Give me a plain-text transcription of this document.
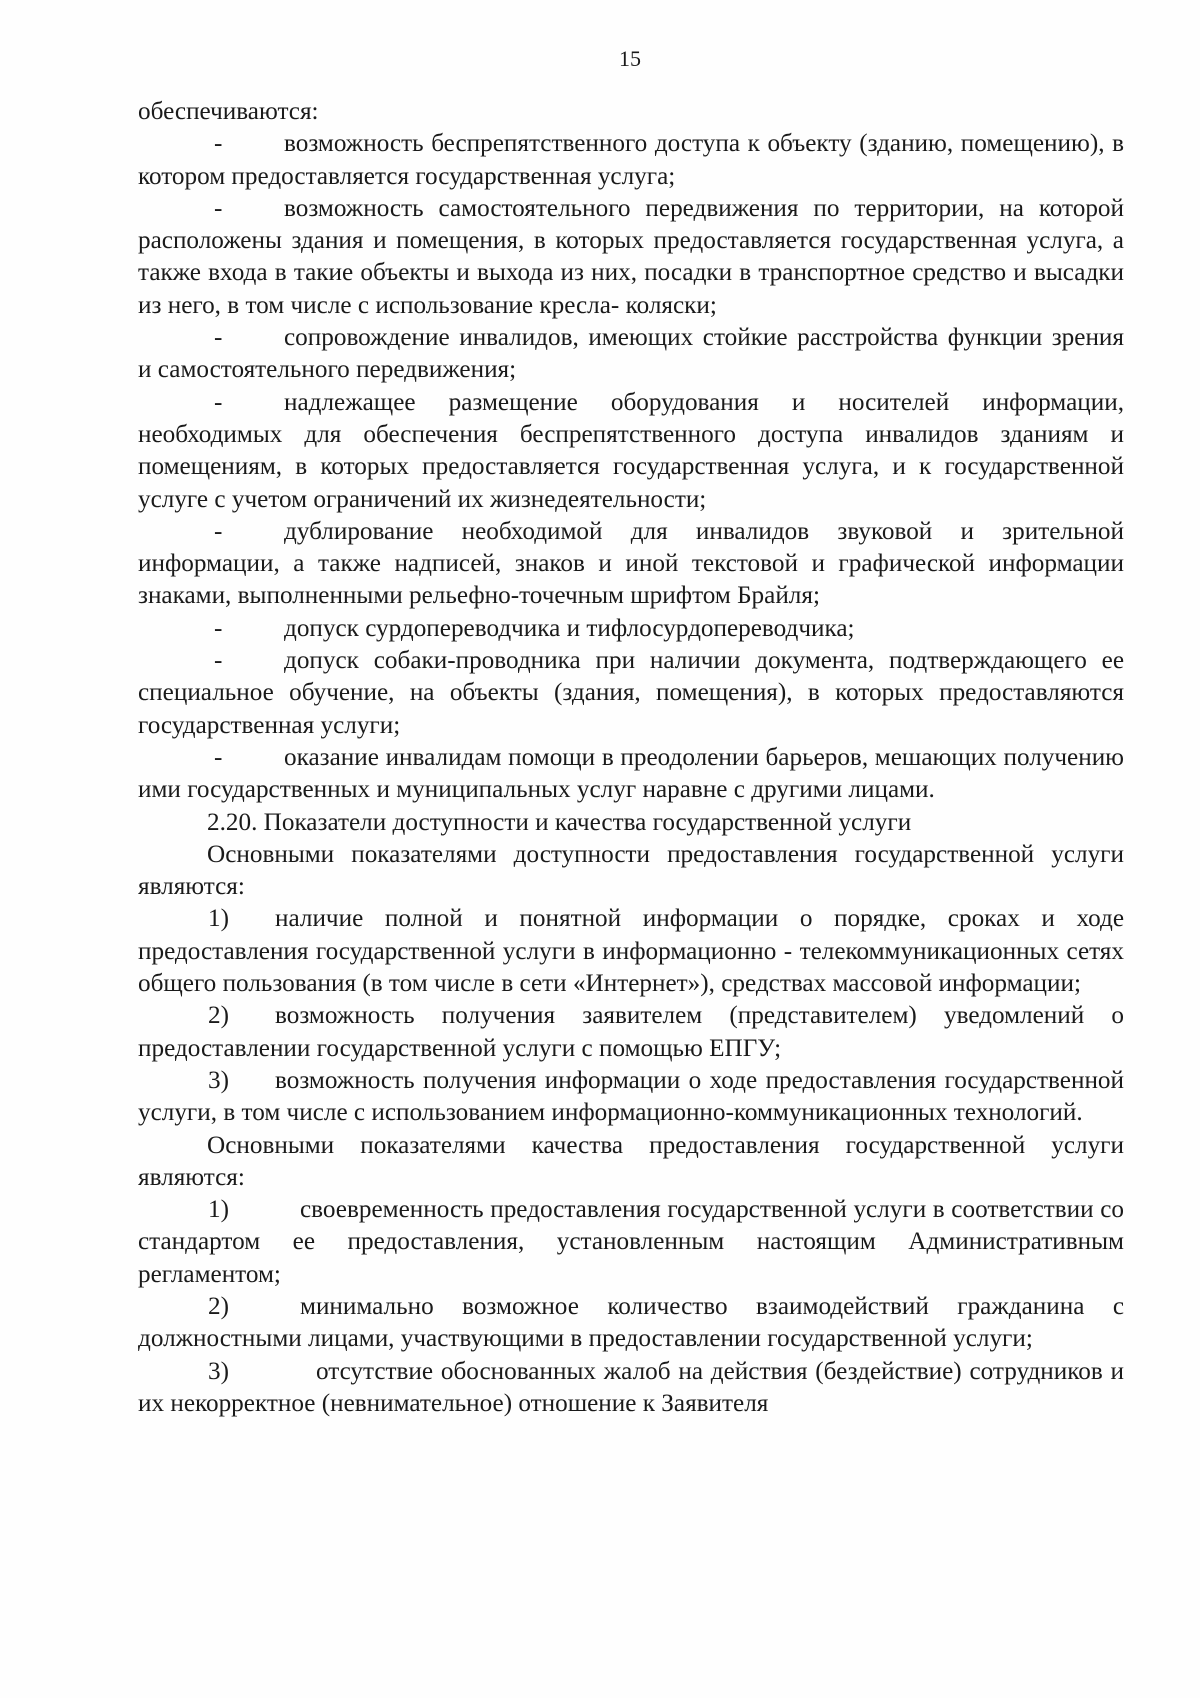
15

обеспечиваются:

- возможность беспрепятственного доступа к объекту (зданию, помещению), в котором предоставляется государственная услуга;

- возможность самостоятельного передвижения по территории, на которой расположены здания и помещения, в которых предоставляется государственная услуга, а также входа в такие объекты и выхода из них, посадки в транспортное средство и высадки из него, в том числе с использование кресла- коляски;

- сопровождение инвалидов, имеющих стойкие расстройства функции зрения и самостоятельного передвижения;

- надлежащее размещение оборудования и носителей информации, необходимых для обеспечения беспрепятственного доступа инвалидов зданиям и помещениям, в которых предоставляется государственная услуга, и к государственной услуге с учетом ограничений их жизнедеятельности;

- дублирование необходимой для инвалидов звуковой и зрительной информации, а также надписей, знаков и иной текстовой и графической информации знаками, выполненными рельефно-точечным шрифтом Брайля;

- допуск сурдопереводчика и тифлосурдопереводчика;

- допуск собаки-проводника при наличии документа, подтверждающего ее специальное обучение, на объекты (здания, помещения), в которых предоставляются государственная услуги;

- оказание инвалидам помощи в преодолении барьеров, мешающих получению ими государственных и муниципальных услуг наравне с другими лицами.

2.20. Показатели доступности и качества государственной услуги

Основными показателями доступности предоставления государственной услуги являются:

1) наличие полной и понятной информации о порядке, сроках и ходе предоставления государственной услуги в информационно - телекоммуникационных сетях общего пользования (в том числе в сети «Интернет»), средствах массовой информации;

2) возможность получения заявителем (представителем) уведомлений о предоставлении государственной услуги с помощью ЕПГУ;

3) возможность получения информации о ходе предоставления государственной услуги, в том числе с использованием информационно-коммуникационных технологий.

Основными показателями качества предоставления государственной услуги являются:

1)	своевременность предоставления государственной услуги в соответствии со стандартом ее предоставления, установленным настоящим Административным регламентом;

2)	минимально возможное количество взаимодействий гражданина с должностными лицами, участвующими в предоставлении государственной услуги;

3)	отсутствие обоснованных жалоб на действия (бездействие) сотрудников и их некорректное (невнимательное) отношение к Заявителя
